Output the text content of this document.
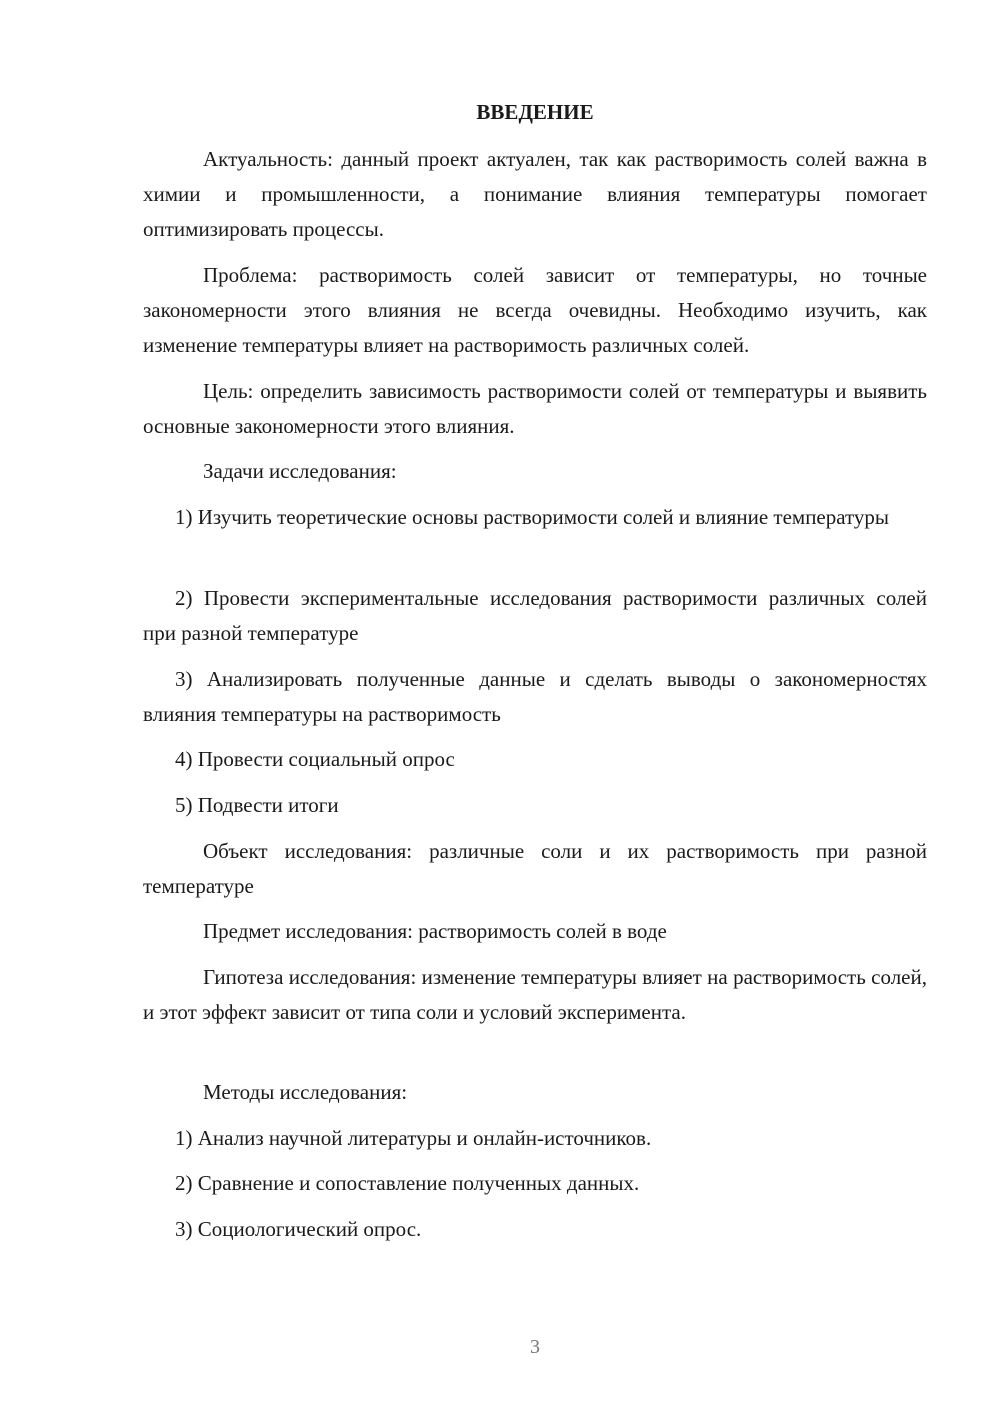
ВВЕДЕНИЕ
Актуальность: данный проект актуален, так как растворимость солей важна в химии и промышленности, а понимание влияния температуры помогает оптимизировать процессы.
Проблема: растворимость солей зависит от температуры, но точные закономерности этого влияния не всегда очевидны. Необходимо изучить, как изменение температуры влияет на растворимость различных солей.
Цель: определить зависимость растворимости солей от температуры и выявить основные закономерности этого влияния.
Задачи исследования:
1) Изучить теоретические основы растворимости солей и влияние температуры
2) Провести экспериментальные исследования растворимости различных солей при разной температуре
3) Анализировать полученные данные и сделать выводы о закономерностях влияния температуры на растворимость
4) Провести социальный опрос
5) Подвести итоги
Объект исследования: различные соли и их растворимость при разной температуре
Предмет исследования: растворимость солей в воде
Гипотеза исследования: изменение температуры влияет на растворимость солей, и этот эффект зависит от типа соли и условий эксперимента.
Методы исследования:
1) Анализ научной литературы и онлайн-источников.
2) Сравнение и сопоставление полученных данных.
3) Социологический опрос.
3
